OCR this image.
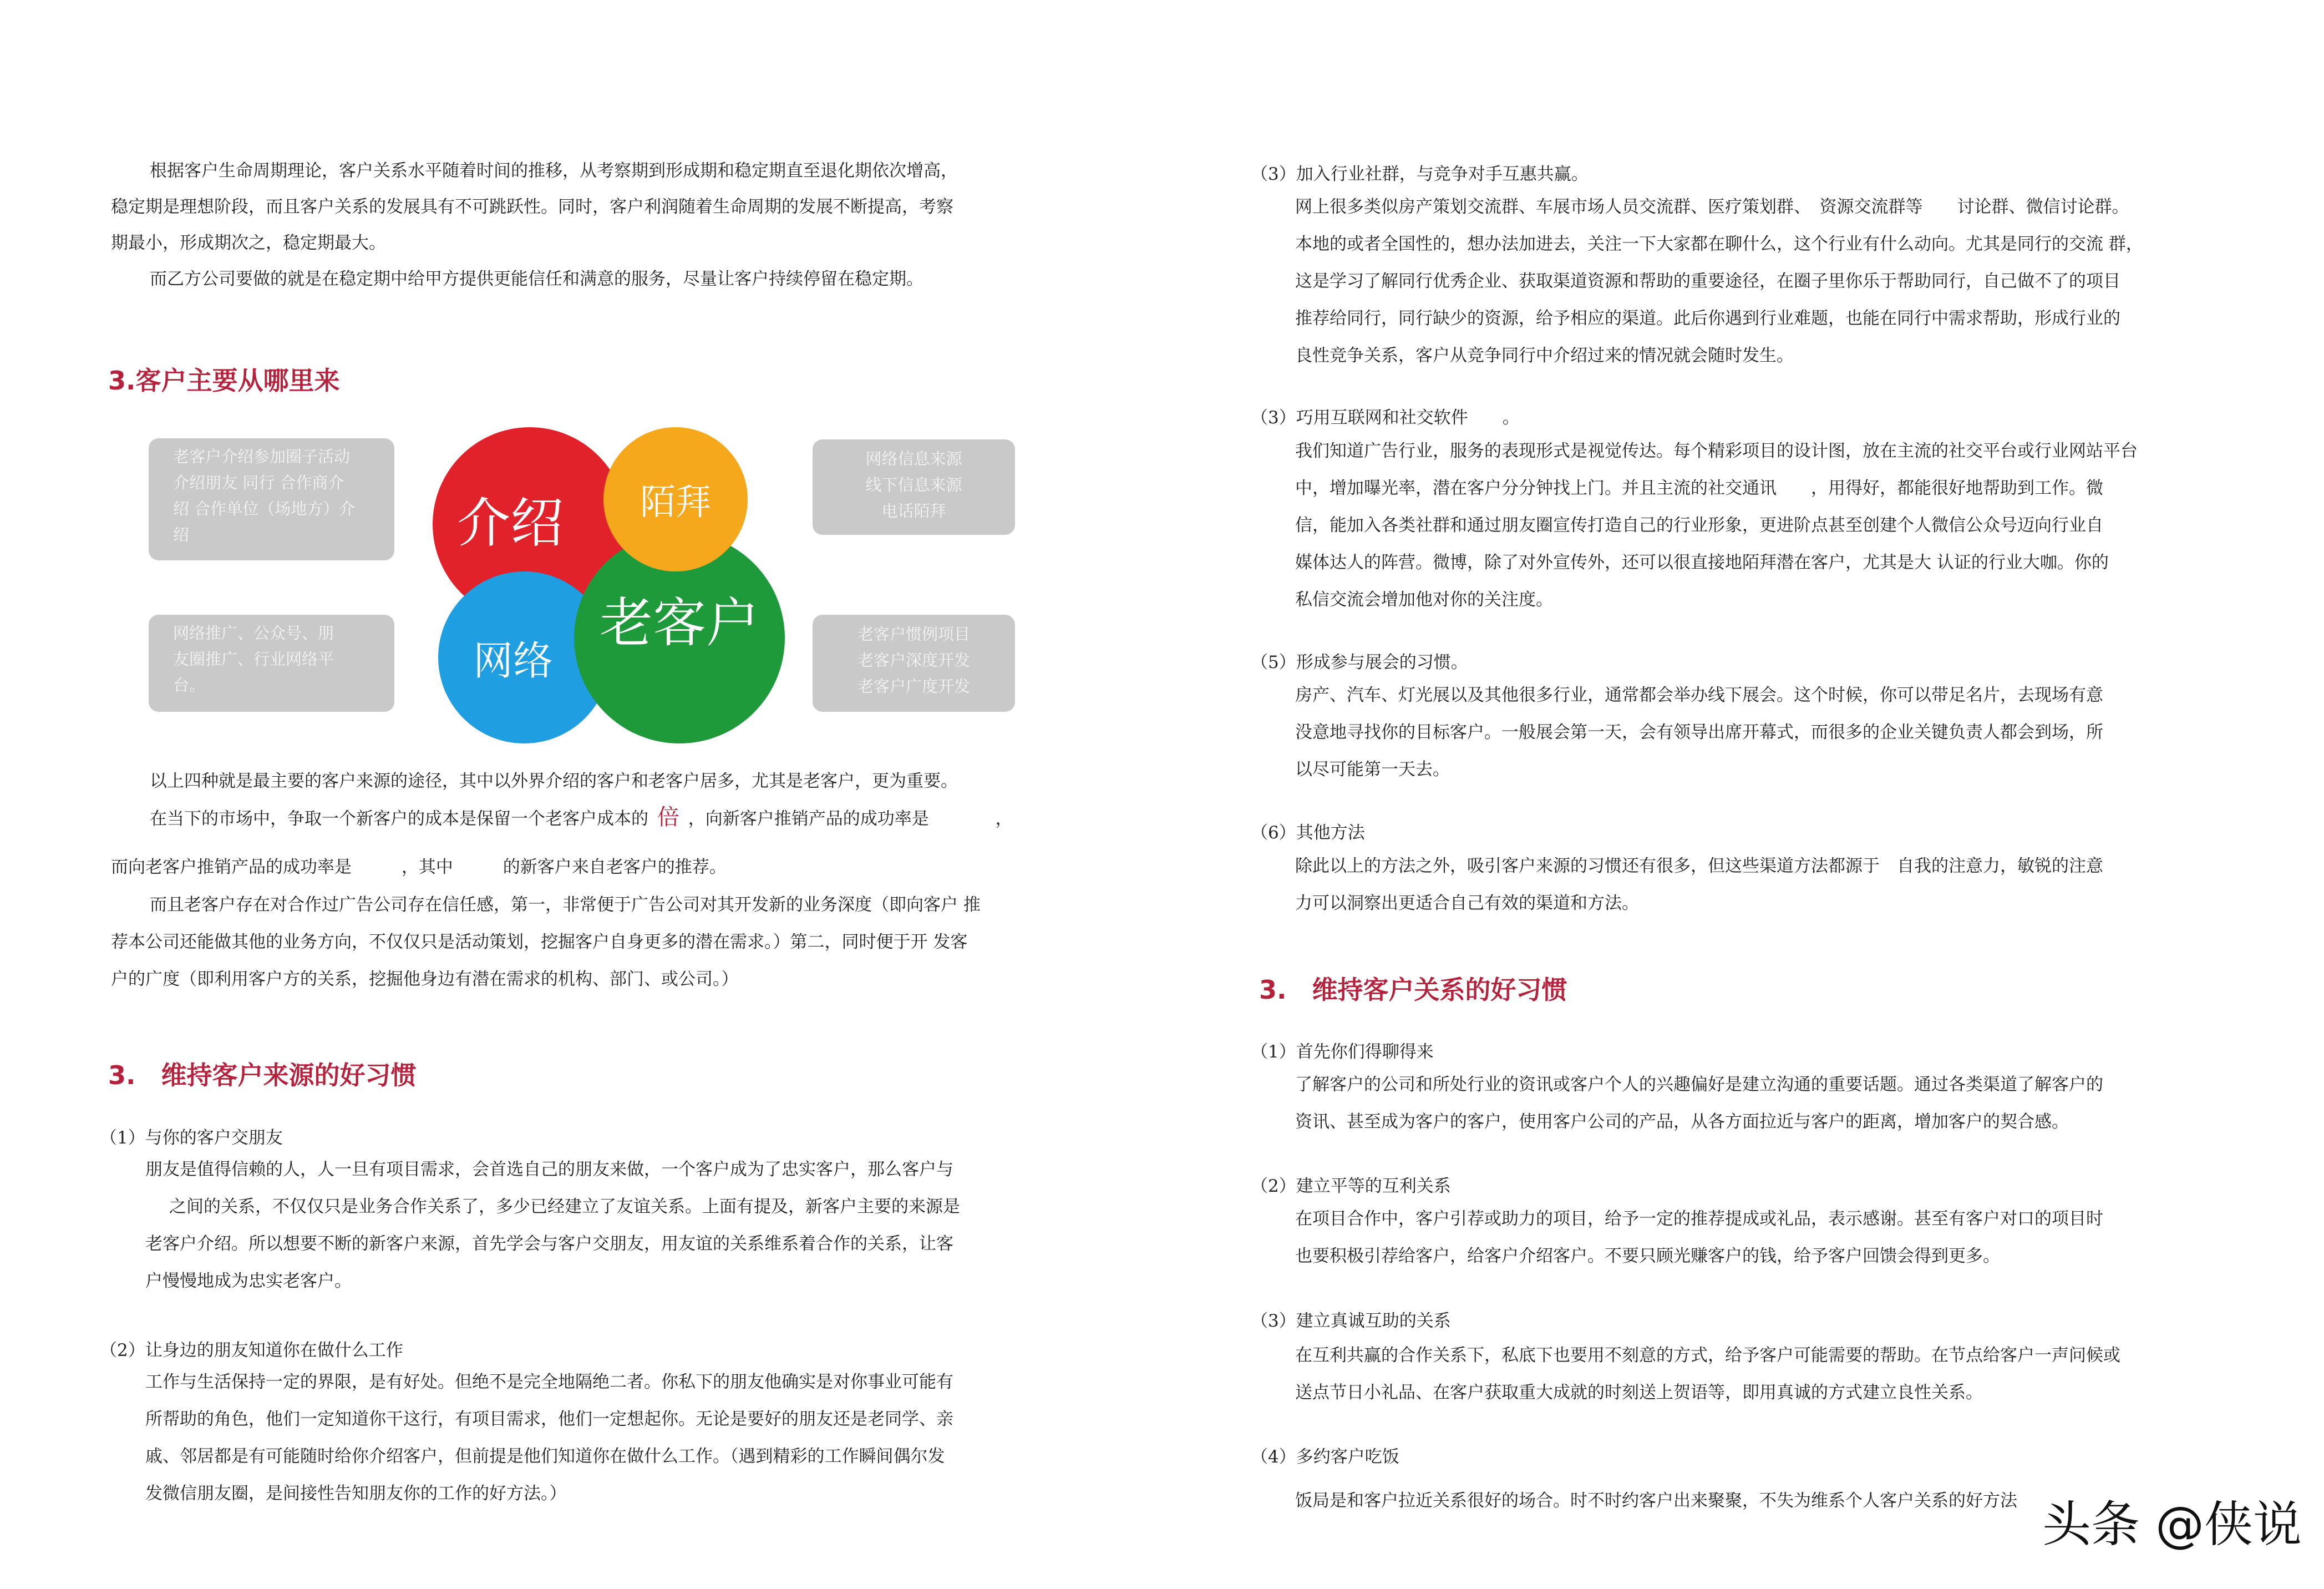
根据客户生命周期理论，客户关系水平随着时间的推移，从考察期到形成期和稳定期直至退化期依次增高，

稳定期是理想阶段，而且客户关系的发展具有不可跳跃性。同时，客户利润随着生命周期的发展不断提高，考察

期最小，形成期次之，稳定期最大。

而乙方公司要做的就是在稳定期中给甲方提供更能信任和满意的服务，尽量让客户持续停留在稳定期。

3.客户主要从哪里来
老客户介绍参加圈子活动
介绍朋友 同行 合作商介
绍 合作单位（场地方）介
绍
网络信息来源
线下信息来源
电话陌拜
网络推广、公众号、朋
友圈推广、行业网络平
台。
老客户惯例项目
老客户深度开发
老客户广度开发
介绍
网络
老客户
陌拜

以上四种就是最主要的客户来源的途径，其中以外界介绍的客户和老客户居多，尤其是老客户，更为重要。

在当下的市场中，争取一个新客户的成本是保留一个老客户成本的 倍 ，向新客户推销产品的成功率是	，

而向老客户推销产品的成功率是	，其中	的新客户来自老客户的推荐。

而且老客户存在对合作过广告公司存在信任感，第一，非常便于广告公司对其开发新的业务深度（即向客户 推

荐本公司还能做其他的业务方向，不仅仅只是活动策划，挖掘客户自身更多的潜在需求。）第二，同时便于开 发客

户的广度（即利用客户方的关系，挖掘他身边有潜在需求的机构、部门、或公司。）

3.　维持客户来源的好习惯

（1）与你的客户交朋友

朋友是值得信赖的人，人一旦有项目需求，会首选自己的朋友来做，一个客户成为了忠实客户，那么客户与

之间的关系，不仅仅只是业务合作关系了，多少已经建立了友谊关系。上面有提及，新客户主要的来源是

老客户介绍。所以想要不断的新客户来源，首先学会与客户交朋友，用友谊的关系维系着合作的关系，让客

户慢慢地成为忠实老客户。

（2）让身边的朋友知道你在做什么工作

工作与生活保持一定的界限，是有好处。但绝不是完全地隔绝二者。你私下的朋友他确实是对你事业可能有

所帮助的角色，他们一定知道你干这行，有项目需求，他们一定想起你。无论是要好的朋友还是老同学、亲

戚、邻居都是有可能随时给你介绍客户，但前提是他们知道你在做什么工作。（遇到精彩的工作瞬间偶尔发

发微信朋友圈，是间接性告知朋友你的工作的好方法。）

（3）加入行业社群，与竞争对手互惠共赢。

网上很多类似房产策划交流群、车展市场人员交流群、医疗策划群、　资源交流群等　　讨论群、微信讨论群。

本地的或者全国性的，想办法加进去，关注一下大家都在聊什么，这个行业有什么动向。尤其是同行的交流 群，

这是学习了解同行优秀企业、获取渠道资源和帮助的重要途径，在圈子里你乐于帮助同行，自己做不了的项目

推荐给同行，同行缺少的资源，给予相应的渠道。此后你遇到行业难题，也能在同行中需求帮助，形成行业的

良性竞争关系，客户从竞争同行中介绍过来的情况就会随时发生。

（3）巧用互联网和社交软件　　。

我们知道广告行业，服务的表现形式是视觉传达。每个精彩项目的设计图，放在主流的社交平台或行业网站平台

中，增加曝光率，潜在客户分分钟找上门。并且主流的社交通讯　　，用得好，都能很好地帮助到工作。微

信，能加入各类社群和通过朋友圈宣传打造自己的行业形象，更进阶点甚至创建个人微信公众号迈向行业自

媒体达人的阵营。微博，除了对外宣传外，还可以很直接地陌拜潜在客户，尤其是大 认证的行业大咖。你的

私信交流会增加他对你的关注度。

（5）形成参与展会的习惯。

房产、汽车、灯光展以及其他很多行业，通常都会举办线下展会。这个时候，你可以带足名片，去现场有意

没意地寻找你的目标客户。一般展会第一天，会有领导出席开幕式，而很多的企业关键负责人都会到场，所

以尽可能第一天去。

（6）其他方法

除此以上的方法之外，吸引客户来源的习惯还有很多，但这些渠道方法都源于　自我的注意力，敏锐的注意

力可以洞察出更适合自己有效的渠道和方法。

3.　维持客户关系的好习惯

（1）首先你们得聊得来

了解客户的公司和所处行业的资讯或客户个人的兴趣偏好是建立沟通的重要话题。通过各类渠道了解客户的

资讯、甚至成为客户的客户，使用客户公司的产品，从各方面拉近与客户的距离，增加客户的契合感。

（2）建立平等的互利关系

在项目合作中，客户引荐或助力的项目，给予一定的推荐提成或礼品，表示感谢。甚至有客户对口的项目时

也要积极引荐给客户，给客户介绍客户。不要只顾光赚客户的钱，给予客户回馈会得到更多。

（3）建立真诚互助的关系

在互利共赢的合作关系下，私底下也要用不刻意的方式，给予客户可能需要的帮助。在节点给客户一声问候或

送点节日小礼品、在客户获取重大成就的时刻送上贺语等，即用真诚的方式建立良性关系。

（4）多约客户吃饭

饭局是和客户拉近关系很好的场合。时不时约客户出来聚聚，不失为维系个人客户关系的好方法 头条 @侠说
